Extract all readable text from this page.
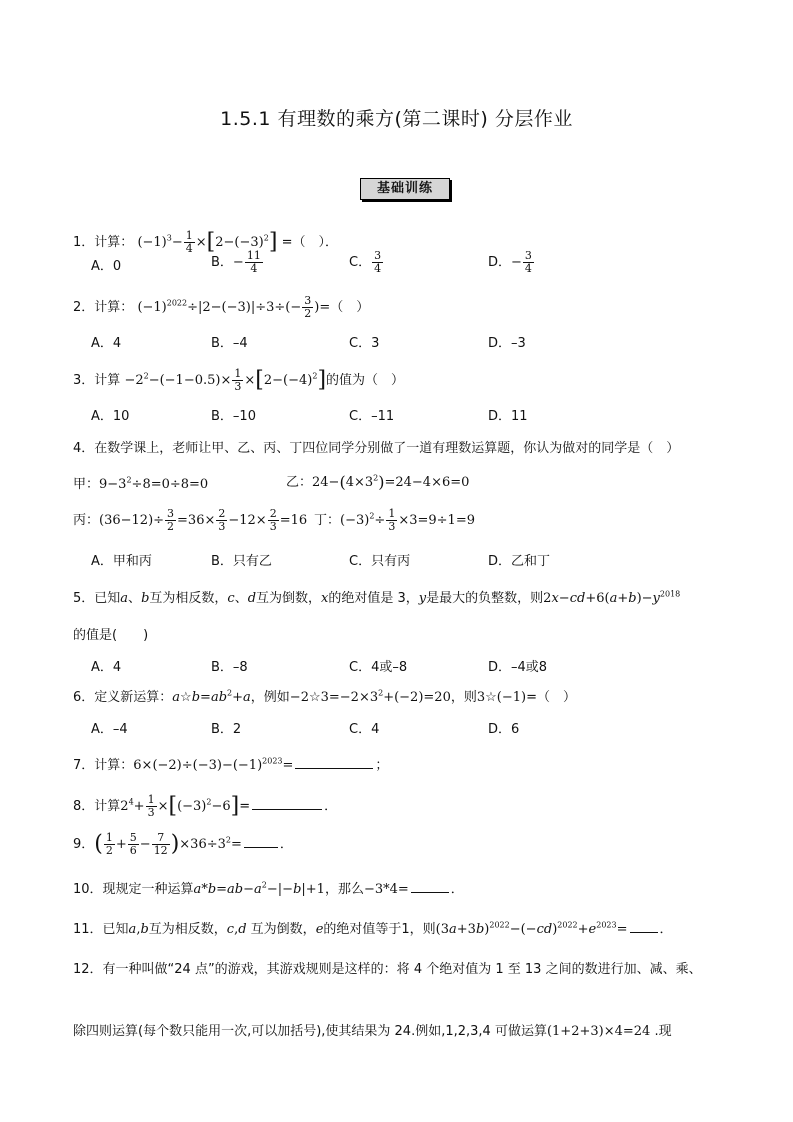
1.5.1 有理数的乘方(第二课时) 分层作业
基础训练
1．计算： $(-1)^3- \frac{1}{4} \times[2-(-3)^2]$ =（　）．
A．0	B．− $\frac{11}{4}$	C． $\frac{3}{4}$	D．− $\frac{3}{4}$
2．计算： $(-1)^{2022}\div|2-(-3)|\div 3\div(- \frac{3}{2}$ )=（　）
A．4	B．–4	C．3	D．–3
3．计算 $-2^2-(-1-0.5)\times \frac{1}{3} \times[2-(-4)^2]$的值为（　）
A．10	B．–10	C．–11	D．11
4．在数学课上，老师让甲、乙、丙、丁四位同学分别做了一道有理数运算题，你认为做对的同学是（　）
甲：$9-3^2\div 8=0\div 8=0$	乙：$24-(4\times 3^2)=24-4\times 6=0$
丙：$(36-12)\div \frac{3}{2} =36\times \frac{2}{3} -12\times \frac{2}{3} =16$ 丁：$(-3)^2\div \frac{1}{3} \times 3=9\div 1=9$
A．甲和丙	B．只有乙	C．只有丙	D．乙和丁
5．已知a、b互为相反数，c、d互为倒数，x的绝对值是 3，y是最大的负整数，则$2x-cd+6(a+b)-y^{2018}$
的值是(　　)
A．4	B．–8	C．4或–8	D．–4或8
6．定义新运算：$a☆b=ab^2+a$，例如$-2☆3=-2\times 3^2+(-2)=20$，则3☆(−1)=（　）
A．–4	B．2	C．4	D．6
7．计算：$6\times(-2)\div(-3)-(-1)^{2023}=$	；
8．计算$2^4+ \frac{1}{3} \times[(-3)^2-6]=$	．
9．( $\frac{1}{2} + \frac{5}{6} - \frac{7}{12} )\times 36\div 3^2=$	．
10．现规定一种运算$a*b=ab-a^2-|-b|+1$，那么−3*4=	．
11．已知a,b互为相反数，c,d 互为倒数，e的绝对值等于1，则$(3a+3b)^{2022}-(-cd)^{2022}+e^{2023}=$ ．
12．有一种叫做“24 点”的游戏，其游戏规则是这样的：将 4 个绝对值为 1 至 13 之间的数进行加、减、乘、
除四则运算(每个数只能用一次,可以加括号),使其结果为 24.例如,1,2,3,4 可做运算(1+2+3)×4=24 .现
